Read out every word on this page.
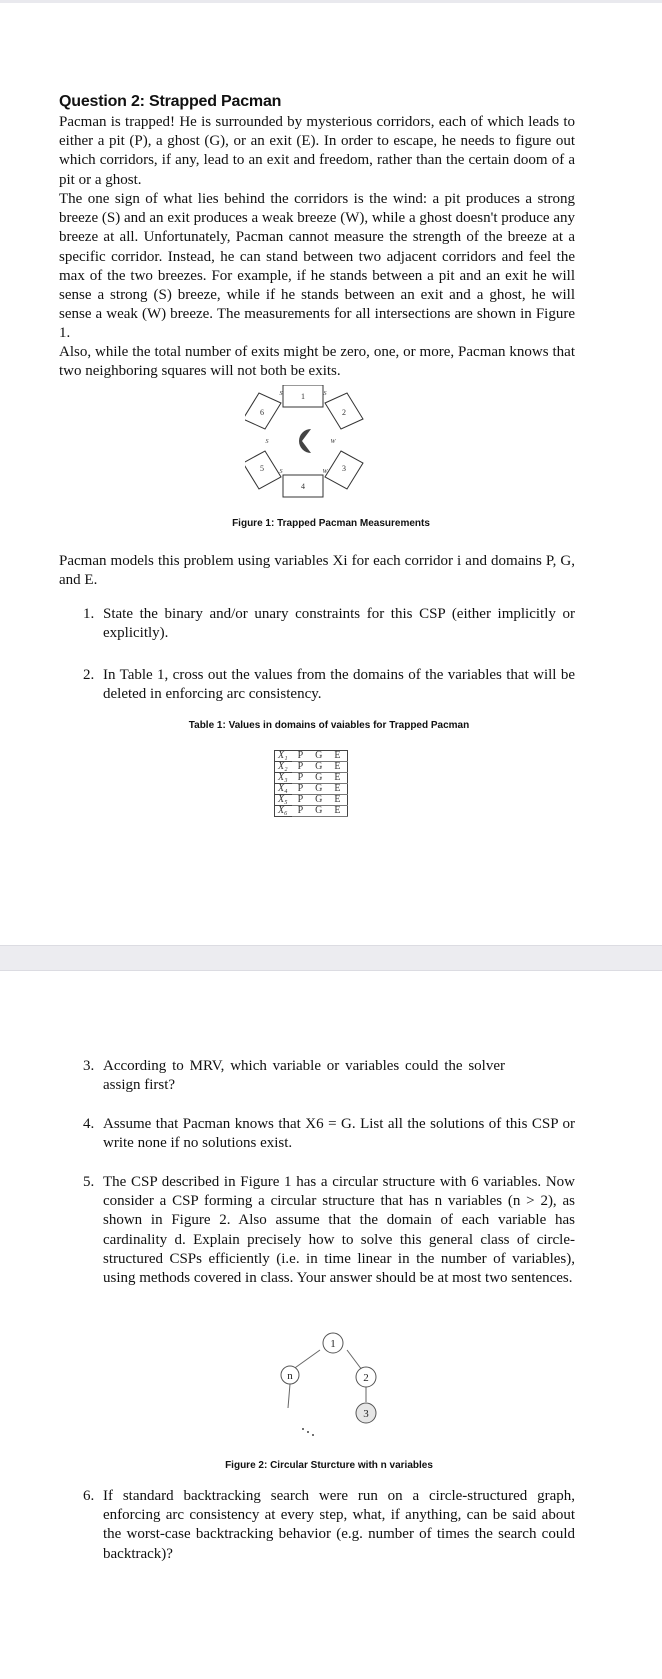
Question 2: Strapped Pacman
Pacman is trapped! He is surrounded by mysterious corridors, each of which leads to either a pit (P), a ghost (G), or an exit (E). In order to escape, he needs to figure out which corridors, if any, lead to an exit and freedom, rather than the certain doom of a pit or a ghost.
The one sign of what lies behind the corridors is the wind: a pit produces a strong breeze (S) and an exit produces a weak breeze (W), while a ghost doesn't produce any breeze at all. Unfortunately, Pacman cannot measure the strength of the breeze at a specific corridor. Instead, he can stand between two adjacent corridors and feel the max of the two breezes. For example, if he stands between a pit and an exit he will sense a strong (S) breeze, while if he stands between an exit and a ghost, he will sense a weak (W) breeze. The measurements for all intersections are shown in Figure 1.
Also, while the total number of exits might be zero, one, or more, Pacman knows that two neighboring squares will not both be exits.
1
2
3
4
5
6
S
S
W
W
S
S
Figure 1: Trapped Pacman Measurements
Pacman models this problem using variables Xi for each corridor i and domains P, G, and E.
1. State the binary and/or unary constraints for this CSP (either implicitly or explicitly).
2. In Table 1, cross out the values from the domains of the variables that will be deleted in enforcing arc consistency.
Table 1: Values in domains of vaiables for Trapped Pacman
X₁	P	G	E
X₂	P	G	E
X₃	P	G	E
X₄	P	G	E
X₅	P	G	E
X₆	P	G	E
3. According to MRV, which variable or variables could the solver assign first?
4. Assume that Pacman knows that X6 = G. List all the solutions of this CSP or write none if no solutions exist.
5. The CSP described in Figure 1 has a circular structure with 6 variables. Now consider a CSP forming a circular structure that has n variables (n > 2), as shown in Figure 2. Also assume that the domain of each variable has cardinality d. Explain precisely how to solve this general class of circle-structured CSPs efficiently (i.e. in time linear in the number of variables), using methods covered in class. Your answer should be at most two sentences.
1
2
3
n
Figure 2: Circular Sturcture with n variables
6. If standard backtracking search were run on a circle-structured graph, enforcing arc consistency at every step, what, if anything, can be said about the worst-case backtracking behavior (e.g. number of times the search could backtrack)?
